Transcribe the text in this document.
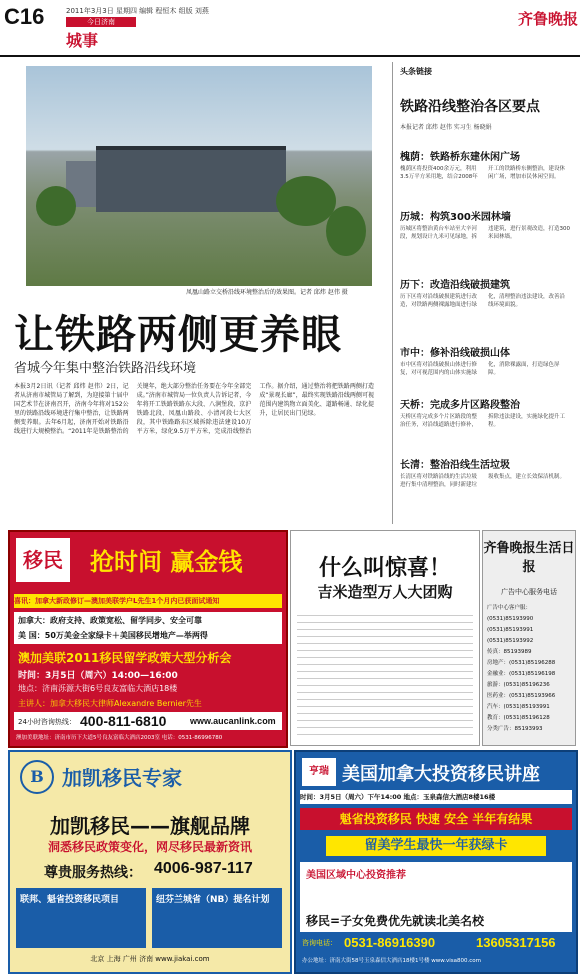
C16	2011年3月3日 星期四 编辑 程恒木 组版 刘燕
今日济南
城事
齐鲁晚报
凤凰山路立交桥沿线环境整治后的效果图。记者 邱炜 赵伟 摄
让铁路两侧更养眼
省城今年集中整治铁路沿线环境
本报3月2日讯（记者 邱炜 赵伟）2日，记者从济南市城管局了解到，为迎接第十届中国艺术节在济南召开，济南今年将对152公里的铁路沿线环境进行集中整治，让铁路两侧变养眼。去年6月起，济南开始对铁路沿线进行大规模整治。“2011年是铁路整治的关键年，绝大部分整治任务要在今年全部完成。”济南市城管局一位负责人告诉记者，今年将开工铁路铁路东大段、八涧堡段、京沪铁路北段、凤凰山路段、小清河段七大区段，其中铁路路东区域拆除违法建设10万平方米，绿化9.5万平方米，完成沿线整治工作。据介绍，通过整治将把铁路两侧打造成“景观长廊”，最终实现铁路沿线两侧可视范围内建筑物立面美化、道路畅通、绿化提升，让居民出门见绿。
头条链接
铁路沿线整治各区要点
本报记者 邱炜 赵伟 实习生 杨晓娟
槐荫：铁路桥东建休闲广场
槐荫区将投资400余万元，利用3.5万平方米用地，结合2008年开工的铁路桥东侧整治，建设休闲广场，增加市民休闲空间。
历城：构筑300米园林墙
历城区将整治黄台车站至大辛河段，规划设计九米可见绿地，拆违建筑，进行景观改造，打造300米园林墙。
历下：改造沿线破损建筑
历下区将对沿线破损建筑进行改造，对铁路两侧裸露地面进行绿化，清理整治违法建设，改善沿线环境面貌。
市中：修补沿线破损山体
市中区将对沿线破损山体进行修复，对可视范围内的山体实施绿化，消除裸露面，打造绿色屏障。
天桥：完成多片区路段整治
天桥区将完成多个片区路段的整治任务，对沿线道路进行修补，拆除违法建设，实施绿化提升工程。
长清：整治沿线生活垃圾
长清区将对铁路沿线的生活垃圾进行集中清理整治，同时新建垃圾收集点，建立长效保洁机制。
移民 抢时间 赢金钱
喜讯：加拿大新政修订—澳加美联学户L先生1个月内已获面试通知
加拿大：政府支持、政策宽松、留学同步、安全可靠
美 国：50万美金全家绿卡＋美国移民增地产—举两得
澳加美联2011移民留学政策大型分析会
时间：3月5日（周六）14:00—16:00
地点：济南泺源大街6号良友富临大酒店18楼
主讲人：加拿大移民大律师Alexandre Bernier先生
24小时咨询热线： 400-811-6810	www.aucanlink.com
澳加美联地址：济南市历下大道5号良友富临大酒店2003室 电话：0531-86996780
什么叫惊喜！
吉米造型万人大团购
齐鲁晚报生活日报
广告中心服务电话
广告中心客户服：
(0531)85193990
(0531)85193991
(0531)85193992
传真：85193989
房地产：(0531)85196288
金融业：(0531)85196198
旅游：(0531)85196236
医药业：(0531)85193966
汽车：(0531)85193991
教育：(0531)85196128
分类广告：85193993
B 加凯移民专家
加凯移民——旗舰品牌
洞悉移民政策变化，网尽移民最新资讯
尊贵服务热线： 4006-987-117
联邦、魁省投资移民项目	纽芬兰城省（NB）提名计划
北京 上海 广州 济南 www.jiakai.com
亨瑞 美国加拿大投资移民讲座
时间：3月5日（周六）下午14:00 地点：玉泉森信大酒店8楼16楼
魁省投资移民 快速 安全 半年有结果
留美学生最快一年获绿卡
美国区域中心投资推荐
移民=子女免费优先就读北美名校
咨询电话： 0531-86916390	13605317156
办公地址：济南大街58号玉泉森信大酒店18楼1号楼 www.visa800.com
